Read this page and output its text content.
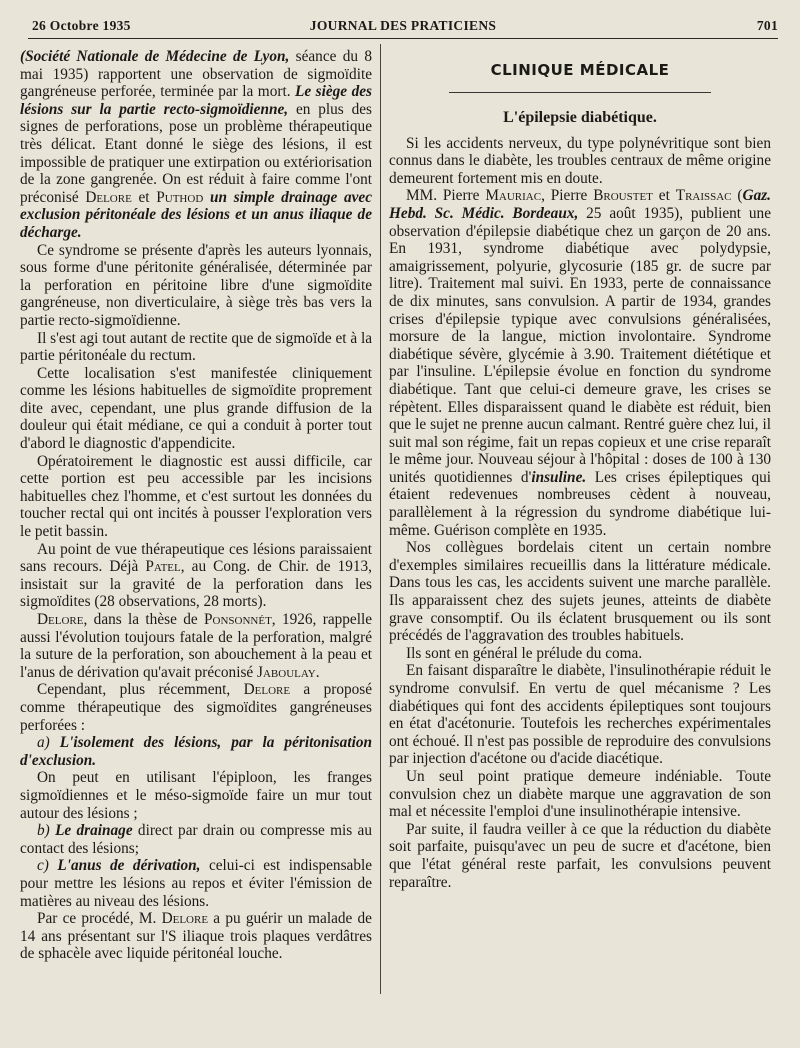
26 Octobre 1935	JOURNAL DES PRATICIENS	701

(Société Nationale de Médecine de Lyon, séance du 8 mai 1935) rapportent une observation de sigmoïdite gangréneuse perforée, terminée par la mort. Le siège des lésions sur la partie recto-sigmoïdienne, en plus des signes de perforations, pose un problème thérapeutique très délicat. Etant donné le siège des lésions, il est impossible de pratiquer une extirpation ou extériorisation de la zone gangrenée. On est réduit à faire comme l'ont préconisé Delore et Puthod un simple drainage avec exclusion péritonéale des lésions et un anus iliaque de décharge.

Ce syndrome se présente d'après les auteurs lyonnais, sous forme d'une péritonite généralisée, déterminée par la perforation en péritoine libre d'une sigmoïdite gangréneuse, non diverticulaire, à siège très bas vers la partie recto-sigmoïdienne.

Il s'est agi tout autant de rectite que de sigmoïde et à la partie péritonéale du rectum.

Cette localisation s'est manifestée cliniquement comme les lésions habituelles de sigmoïdite proprement dite avec, cependant, une plus grande diffusion de la douleur qui était médiane, ce qui a conduit à porter tout d'abord le diagnostic d'appendicite.

Opératoirement le diagnostic est aussi difficile, car cette portion est peu accessible par les incisions habituelles chez l'homme, et c'est surtout les données du toucher rectal qui ont incités à pousser l'exploration vers le petit bassin.

Au point de vue thérapeutique ces lésions paraissaient sans recours. Déjà Patel, au Cong. de Chir. de 1913, insistait sur la gravité de la perforation dans les sigmoïdites (28 observations, 28 morts).

Delore, dans la thèse de Ponsonnét, 1926, rappelle aussi l'évolution toujours fatale de la perforation, malgré la suture de la perforation, son abouchement à la peau et l'anus de dérivation qu'avait préconisé Jaboulay.

Cependant, plus récemment, Delore a proposé comme thérapeutique des sigmoïdites gangréneuses perforées :

a) L'isolement des lésions, par la péritonisation d'exclusion.

On peut en utilisant l'épiploon, les franges sigmoïdiennes et le méso-sigmoïde faire un mur tout autour des lésions ;

b) Le drainage direct par drain ou compresse mis au contact des lésions;

c) L'anus de dérivation, celui-ci est indispensable pour mettre les lésions au repos et éviter l'émission de matières au niveau des lésions.

Par ce procédé, M. Delore a pu guérir un malade de 14 ans présentant sur l'S iliaque trois plaques verdâtres de sphacèle avec liquide péritonéal louche.

CLINIQUE MÉDICALE
L'épilepsie diabétique.

Si les accidents nerveux, du type polynévritique sont bien connus dans le diabète, les troubles centraux de même origine demeurent fortement mis en doute.

MM. Pierre Mauriac, Pierre Broustet et Traissac (Gaz. Hebd. Sc. Médic. Bordeaux, 25 août 1935), publient une observation d'épilepsie diabétique chez un garçon de 20 ans. En 1931, syndrome diabétique avec polydypsie, amaigrissement, polyurie, glycosurie (185 gr. de sucre par litre). Traitement mal suivi. En 1933, perte de connaissance de dix minutes, sans convulsion. A partir de 1934, grandes crises d'épilepsie typique avec convulsions généralisées, morsure de la langue, miction involontaire. Syndrome diabétique sévère, glycémie à 3.90. Traitement diététique et par l'insuline. L'épilepsie évolue en fonction du syndrome diabétique. Tant que celui-ci demeure grave, les crises se répètent. Elles disparaissent quand le diabète est réduit, bien que le sujet ne prenne aucun calmant. Rentré guère chez lui, il suit mal son régime, fait un repas copieux et une crise reparaît le même jour. Nouveau séjour à l'hôpital : doses de 100 à 130 unités quotidiennes d'insuline. Les crises épileptiques qui étaient redevenues nombreuses cèdent à nouveau, parallèlement à la régression du syndrome diabétique lui-même. Guérison complète en 1935.

Nos collègues bordelais citent un certain nombre d'exemples similaires recueillis dans la littérature médicale. Dans tous les cas, les accidents suivent une marche parallèle. Ils apparaissent chez des sujets jeunes, atteints de diabète grave consomptif. Ou ils éclatent brusquement ou ils sont précédés de l'aggravation des troubles habituels.

Ils sont en général le prélude du coma.

En faisant disparaître le diabète, l'insulinothérapie réduit le syndrome convulsif. En vertu de quel mécanisme ? Les diabétiques qui font des accidents épileptiques sont toujours en état d'acétonurie. Toutefois les recherches expérimentales ont échoué. Il n'est pas possible de reproduire des convulsions par injection d'acétone ou d'acide diacétique.

Un seul point pratique demeure indéniable. Toute convulsion chez un diabète marque une aggravation de son mal et nécessite l'emploi d'une insulinothérapie intensive.

Par suite, il faudra veiller à ce que la réduction du diabète soit parfaite, puisqu'avec un peu de sucre et d'acétone, bien que l'état général reste parfait, les convulsions peuvent reparaître.
